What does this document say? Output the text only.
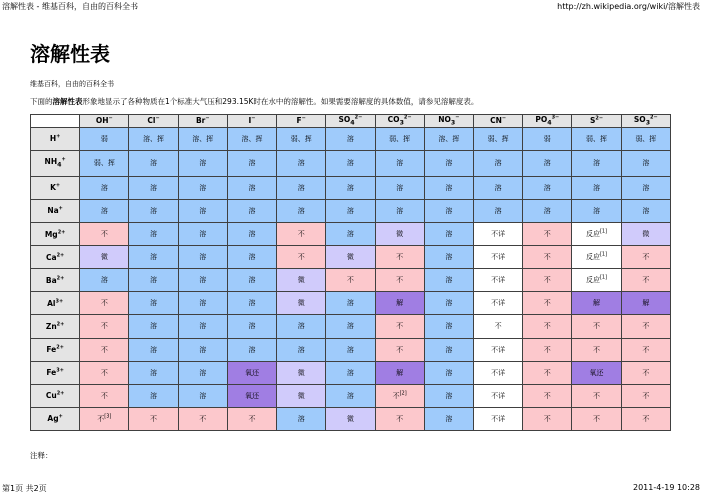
溶解性表 - 维基百科，自由的百科全书	http://zh.wikipedia.org/wiki/溶解性表
溶解性表
维基百科，自由的百科全书
下面的溶解性表形象地显示了各种物质在1个标准大气压和293.15K时在水中的溶解性。如果需要溶解度的具体数值，请参见溶解度表。
	OH−	Cl−	Br−	I−	F−	$SO_4^{2-}$	$CO_3^{2-}$	$NO_3^-$	CN−	$PO_4^{3-}$	$S^{2-}$	$SO_3^{2-}$
H+	弱	溶、挥	溶、挥	溶、挥	弱、挥	溶	弱、挥	溶、挥	弱、挥	弱	弱、挥	弱、挥
$NH_4^+$	弱、挥	溶	溶	溶	溶	溶	溶	溶	溶	溶	溶	溶
K+	溶	溶	溶	溶	溶	溶	溶	溶	溶	溶	溶	溶
Na+	溶	溶	溶	溶	溶	溶	溶	溶	溶	溶	溶	溶
$Mg^{2+}$	不	溶	溶	溶	不	溶	微	溶	不详	不	反应[1]	微
$Ca^{2+}$	微	溶	溶	溶	不	微	不	溶	不详	不	反应[1]	不
$Ba^{2+}$	溶	溶	溶	溶	微	不	不	溶	不详	不	反应[1]	不
$Al^{3+}$	不	溶	溶	溶	微	溶	解	溶	不详	不	解	解
$Zn^{2+}$	不	溶	溶	溶	溶	溶	不	溶	不	不	不	不
$Fe^{2+}$	不	溶	溶	溶	溶	溶	不	溶	不详	不	不	不
$Fe^{3+}$	不	溶	溶	氧还	微	溶	解	溶	不详	不	氧还	不
$Cu^{2+}$	不	溶	溶	氧还	微	溶	不[2]	溶	不详	不	不	不
Ag+	不[3]	不	不	不	溶	微	不	溶	不详	不	不	不
注释：
第1页 共2页	2011-4-19 10:28
